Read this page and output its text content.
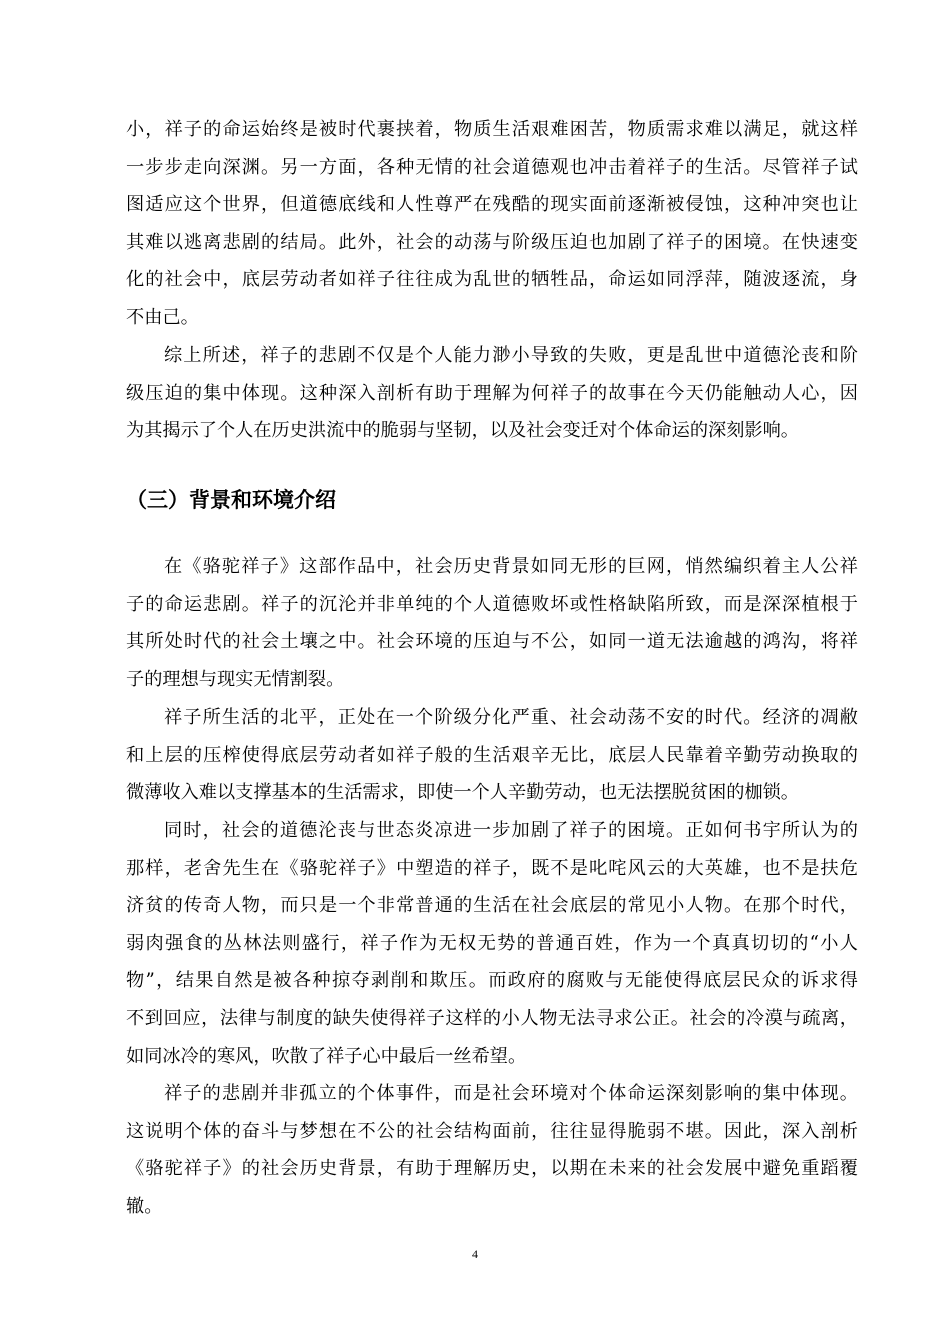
小，祥子的命运始终是被时代裹挟着，物质生活艰难困苦，物质需求难以满足，就这样
一步步走向深渊。另一方面，各种无情的社会道德观也冲击着祥子的生活。尽管祥子试
图适应这个世界，但道德底线和人性尊严在残酷的现实面前逐渐被侵蚀，这种冲突也让
其难以逃离悲剧的结局。此外，社会的动荡与阶级压迫也加剧了祥子的困境。在快速变
化的社会中，底层劳动者如祥子往往成为乱世的牺牲品，命运如同浮萍，随波逐流，身
不由己。
综上所述，祥子的悲剧不仅是个人能力渺小导致的失败，更是乱世中道德沦丧和阶
级压迫的集中体现。这种深入剖析有助于理解为何祥子的故事在今天仍能触动人心，因
为其揭示了个人在历史洪流中的脆弱与坚韧，以及社会变迁对个体命运的深刻影响。
（三）背景和环境介绍
在《骆驼祥子》这部作品中，社会历史背景如同无形的巨网，悄然编织着主人公祥
子的命运悲剧。祥子的沉沦并非单纯的个人道德败坏或性格缺陷所致，而是深深植根于
其所处时代的社会土壤之中。社会环境的压迫与不公，如同一道无法逾越的鸿沟，将祥
子的理想与现实无情割裂。
祥子所生活的北平，正处在一个阶级分化严重、社会动荡不安的时代。经济的凋敝
和上层的压榨使得底层劳动者如祥子般的生活艰辛无比，底层人民靠着辛勤劳动换取的
微薄收入难以支撑基本的生活需求，即使一个人辛勤劳动，也无法摆脱贫困的枷锁。
同时，社会的道德沦丧与世态炎凉进一步加剧了祥子的困境。正如何书宇所认为的
那样，老舍先生在《骆驼祥子》中塑造的祥子，既不是叱咤风云的大英雄，也不是扶危
济贫的传奇人物，而只是一个非常普通的生活在社会底层的常见小人物。在那个时代，
弱肉强食的丛林法则盛行，祥子作为无权无势的普通百姓，作为一个真真切切的“小人
物”，结果自然是被各种掠夺剥削和欺压。而政府的腐败与无能使得底层民众的诉求得
不到回应，法律与制度的缺失使得祥子这样的小人物无法寻求公正。社会的冷漠与疏离，
如同冰冷的寒风，吹散了祥子心中最后一丝希望。
祥子的悲剧并非孤立的个体事件，而是社会环境对个体命运深刻影响的集中体现。
这说明个体的奋斗与梦想在不公的社会结构面前，往往显得脆弱不堪。因此，深入剖析
《骆驼祥子》的社会历史背景，有助于理解历史，以期在未来的社会发展中避免重蹈覆
辙。
4
